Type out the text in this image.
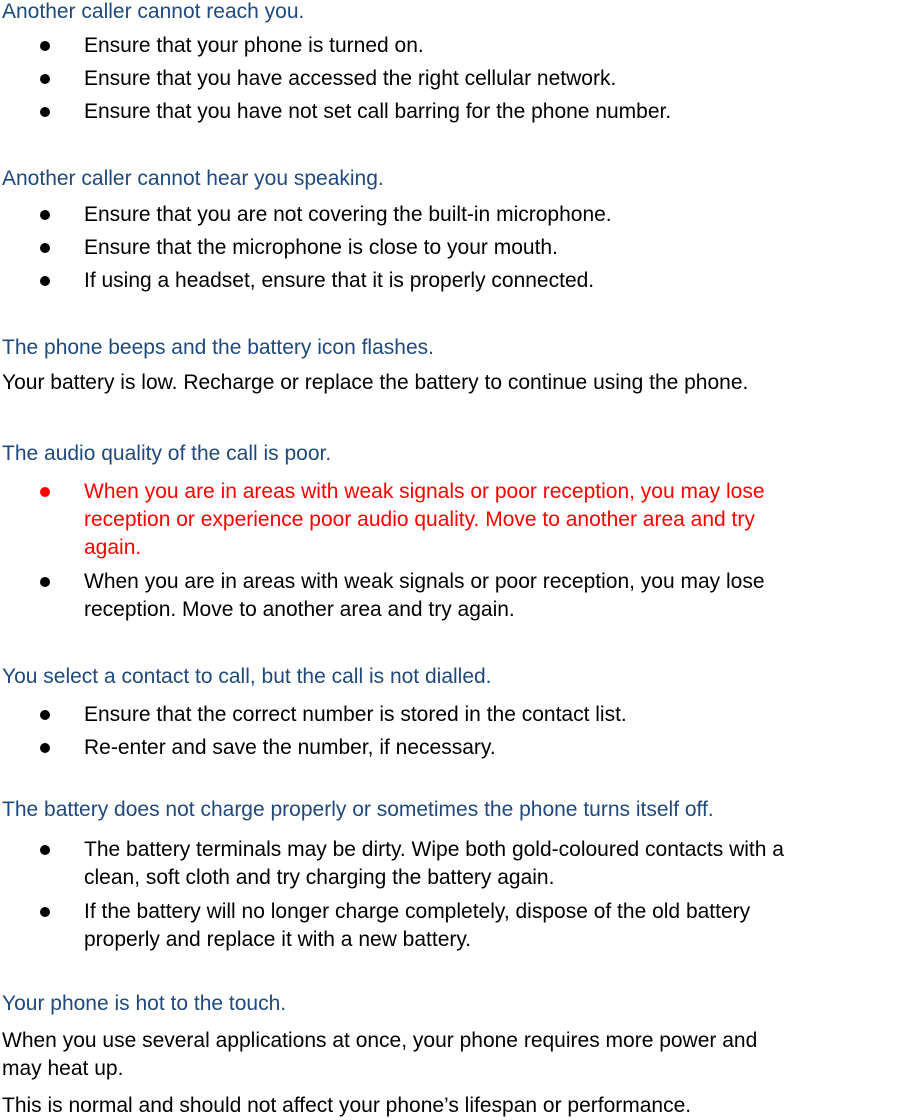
Another caller cannot reach you.
Ensure that your phone is turned on.
Ensure that you have accessed the right cellular network.
Ensure that you have not set call barring for the phone number.
Another caller cannot hear you speaking.
Ensure that you are not covering the built-in microphone.
Ensure that the microphone is close to your mouth.
If using a headset, ensure that it is properly connected.
The phone beeps and the battery icon flashes.
Your battery is low. Recharge or replace the battery to continue using the phone.
The audio quality of the call is poor.
When you are in areas with weak signals or poor reception, you may lose
reception or experience poor audio quality. Move to another area and try
again.
When you are in areas with weak signals or poor reception, you may lose
reception. Move to another area and try again.
You select a contact to call, but the call is not dialled.
Ensure that the correct number is stored in the contact list.
Re-enter and save the number, if necessary.
The battery does not charge properly or sometimes the phone turns itself off.
The battery terminals may be dirty. Wipe both gold-coloured contacts with a
clean, soft cloth and try charging the battery again.
If the battery will no longer charge completely, dispose of the old battery
properly and replace it with a new battery.
Your phone is hot to the touch.
When you use several applications at once, your phone requires more power and
may heat up.
This is normal and should not affect your phone’s lifespan or performance.
